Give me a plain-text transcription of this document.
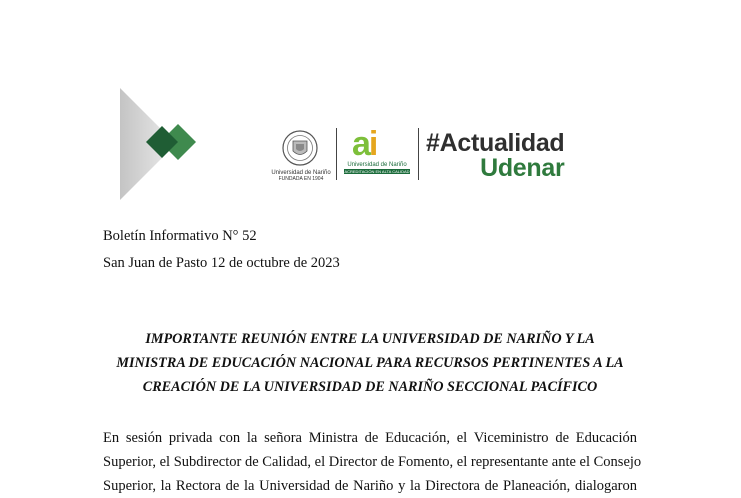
Universidad de Nariño
FUNDADA EN 1904
ai
Universidad de Nariño
ACREDITACIÓN EN ALTA CALIDAD
#Actualidad
Udenar
Boletín Informativo N° 52
San Juan de Pasto 12 de octubre de 2023
IMPORTANTE REUNIÓN ENTRE LA UNIVERSIDAD DE NARIÑO Y LA
MINISTRA DE EDUCACIÓN NACIONAL PARA RECURSOS PERTINENTES A LA
CREACIÓN DE LA UNIVERSIDAD DE NARIÑO SECCIONAL PACÍFICO
En sesión privada con la señora Ministra de Educación, el Viceministro de Educación
Superior, el Subdirector de Calidad, el Director de Fomento, el representante ante el Consejo
Superior, la Rectora de la Universidad de Nariño y la Directora de Planeación, dialogaron
